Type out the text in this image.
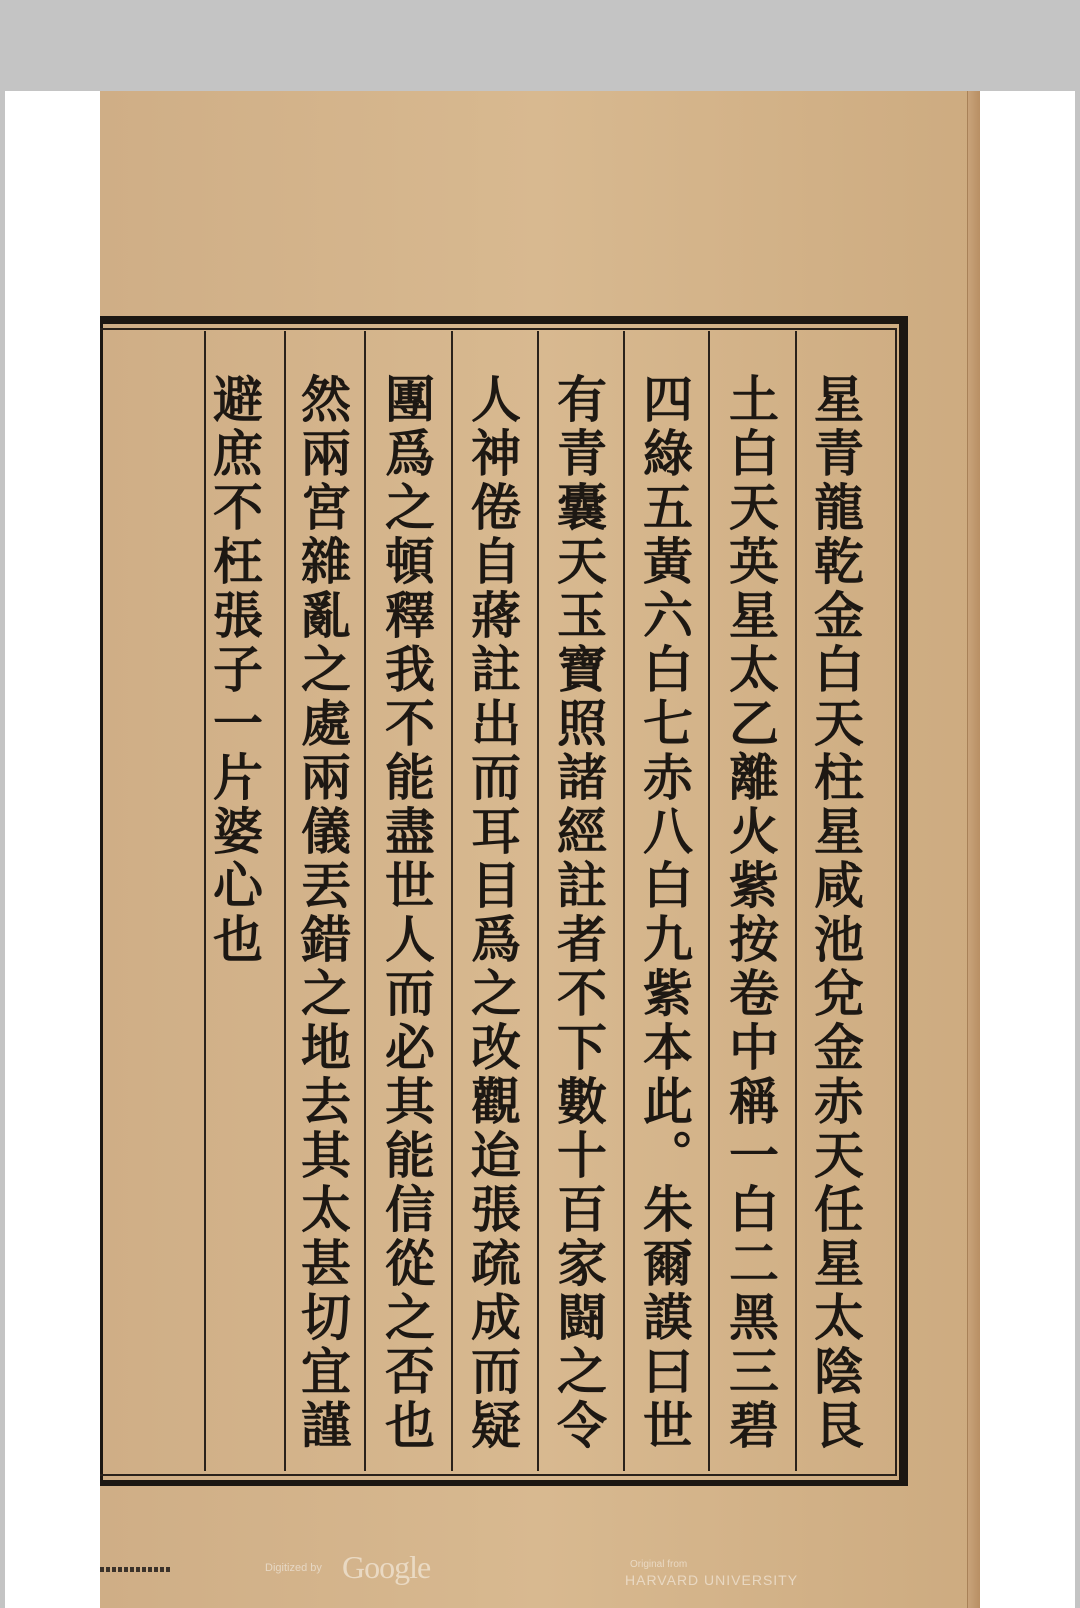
星青龍乾金白天柱星咸池兌金赤天任星太陰艮
土白天英星太乙離火紫按卷中稱一白二黑三碧
四綠五黃六白七赤八白九紫本此。朱爾謨曰世
有青囊天玉寶照諸經註者不下數十百家闘之令
人神倦自蔣註出而耳目爲之改觀迨張疏成而疑
團爲之頓釋我不能盡世人而必其能信從之否也
然兩宮雜亂之處兩儀丟錯之地去其太甚切宜謹
避庶不枉張子一片婆心也
Digitized by Google	Original from
HARVARD UNIVERSITY
